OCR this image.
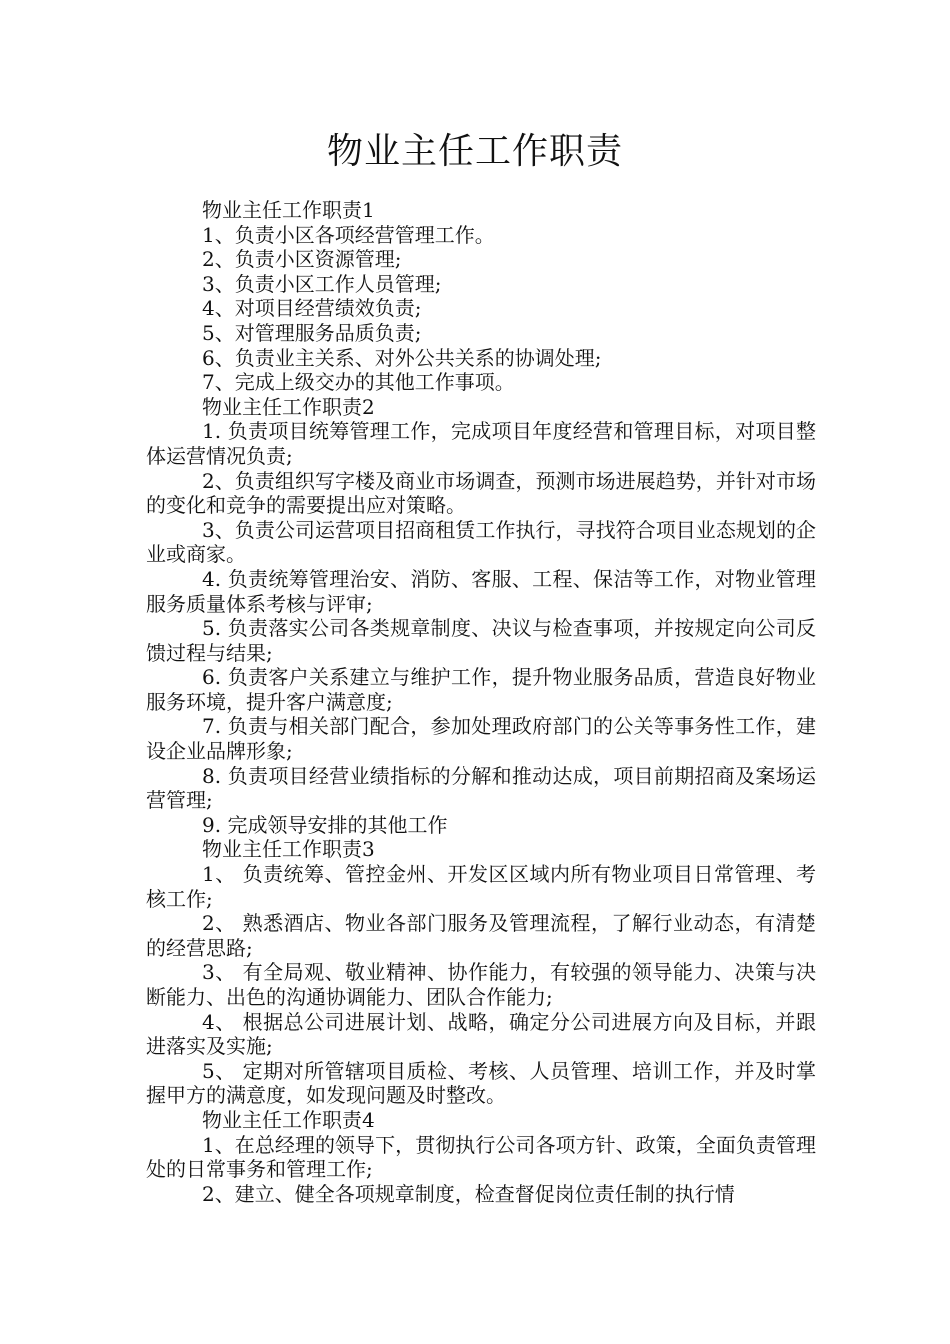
物业主任工作职责

物业主任工作职责1

1、负责小区各项经营管理工作。

2、负责小区资源管理;

3、负责小区工作人员管理;

4、对项目经营绩效负责;

5、对管理服务品质负责;

6、负责业主关系、对外公共关系的协调处理;

7、完成上级交办的其他工作事项。

物业主任工作职责2

1. 负责项目统筹管理工作，完成项目年度经营和管理目标，对项目整体运营情况负责;

2、负责组织写字楼及商业市场调查，预测市场进展趋势，并针对市场的变化和竞争的需要提出应对策略。

3、负责公司运营项目招商租赁工作执行，寻找符合项目业态规划的企业或商家。

4. 负责统筹管理治安、消防、客服、工程、保洁等工作，对物业管理服务质量体系考核与评审;

5. 负责落实公司各类规章制度、决议与检查事项，并按规定向公司反馈过程与结果;

6. 负责客户关系建立与维护工作，提升物业服务品质，营造良好物业服务环境，提升客户满意度;

7. 负责与相关部门配合，参加处理政府部门的公关等事务性工作，建设企业品牌形象;

8. 负责项目经营业绩指标的分解和推动达成，项目前期招商及案场运营管理;

9. 完成领导安排的其他工作

物业主任工作职责3

1、 负责统筹、管控金州、开发区区域内所有物业项目日常管理、考核工作;

2、 熟悉酒店、物业各部门服务及管理流程，了解行业动态，有清楚的经营思路;

3、 有全局观、敬业精神、协作能力，有较强的领导能力、决策与决断能力、出色的沟通协调能力、团队合作能力;

4、 根据总公司进展计划、战略，确定分公司进展方向及目标，并跟进落实及实施;

5、 定期对所管辖项目质检、考核、人员管理、培训工作，并及时掌握甲方的满意度，如发现问题及时整改。

物业主任工作职责4

1、在总经理的领导下，贯彻执行公司各项方针、政策，全面负责管理处的日常事务和管理工作;

2、建立、健全各项规章制度，检查督促岗位责任制的执行情
